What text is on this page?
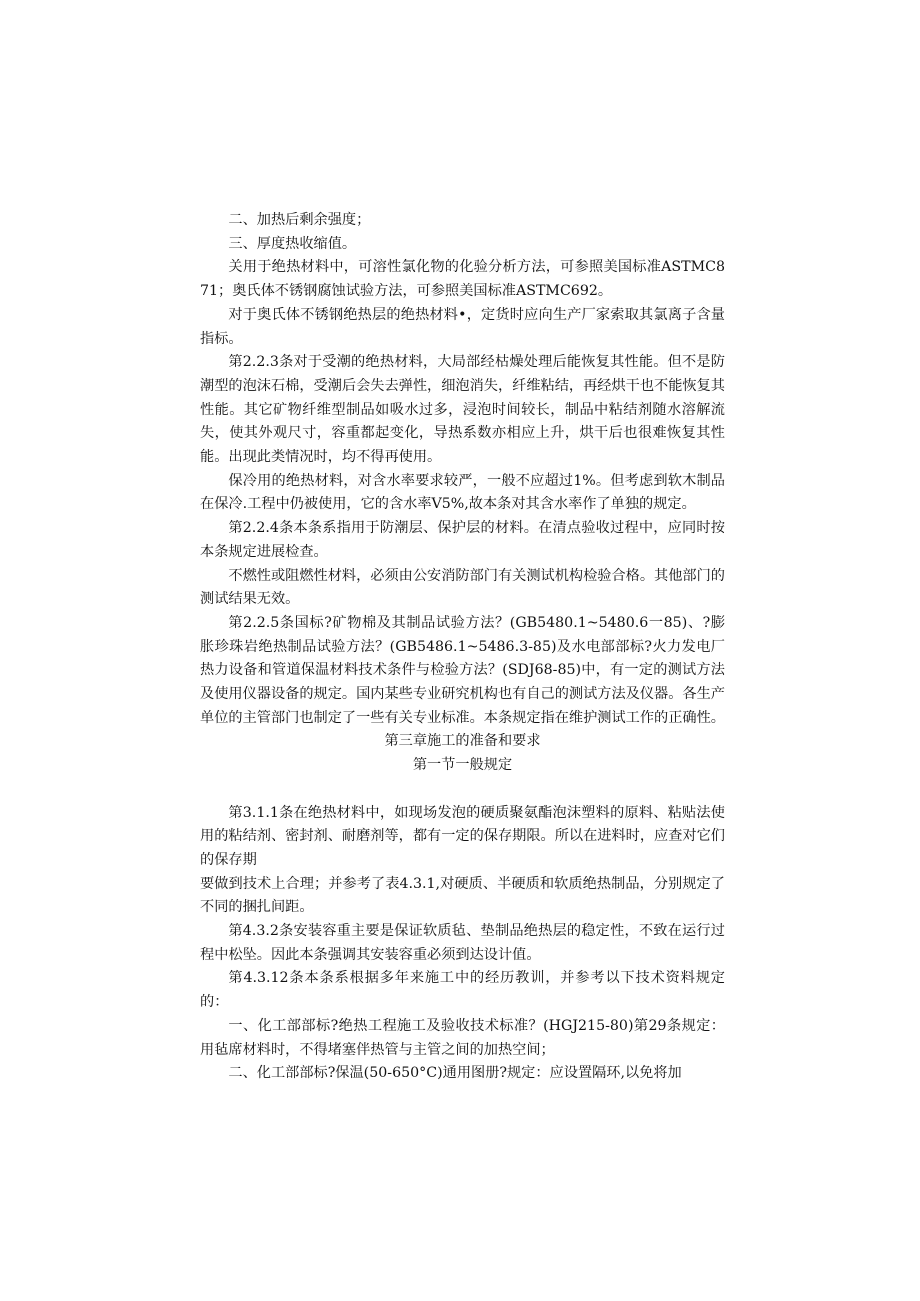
二、加热后剩余强度；

三、厚度热收缩值。

关用于绝热材料中，可溶性氯化物的化验分析方法，可参照美国标准ASTMC871；奥氏体不锈钢腐蚀试验方法，可参照美国标准ASTMC692。

对于奥氏体不锈钢绝热层的绝热材料•，定货时应向生产厂家索取其氯离子含量指标。

第2.2.3条对于受潮的绝热材料，大局部经枯燥处理后能恢复其性能。但不是防潮型的泡沫石棉，受潮后会失去弹性，细泡消失，纤维粘结，再经烘干也不能恢复其性能。其它矿物纤维型制品如吸水过多，浸泡时间较长，制品中粘结剂随水溶解流失，使其外观尺寸，容重都起变化，导热系数亦相应上升，烘干后也很难恢复其性能。出现此类情况时，均不得再使用。

保冷用的绝热材料，对含水率要求较严，一般不应超过1%。但考虑到软木制品在保冷.工程中仍被使用，它的含水率V5%,故本条对其含水率作了单独的规定。

第2.2.4条本条系指用于防潮层、保护层的材料。在清点验收过程中，应同时按本条规定进展检查。

不燃性或阻燃性材料，必须由公安消防部门有关测试机构检验合格。其他部门的测试结果无效。

第2.2.5条国标?矿物棉及其制品试验方法？(GB5480.1~5480.6一85)、?膨胀珍珠岩绝热制品试验方法？(GB5486.1~5486.3-85)及水电部部标?火力发电厂热力设备和管道保温材料技术条件与检验方法？(SDJ68-85)中，有一定的测试方法及使用仪器设备的规定。国内某些专业研究机构也有自己的测试方法及仪器。各生产单位的主管部门也制定了一些有关专业标准。本条规定指在维护测试工作的正确性。

第三章施工的准备和要求
第一节一般规定

第3.1.1条在绝热材料中，如现场发泡的硬质聚氨酯泡沫塑料的原料、粘贴法使用的粘结剂、密封剂、耐磨剂等，都有一定的保存期限。所以在进料时，应查对它们的保存期

要做到技术上合理；并参考了表4.3.1,对硬质、半硬质和软质绝热制品，分别规定了不同的捆扎间距。

第4.3.2条安装容重主要是保证软质毡、垫制品绝热层的稳定性，不致在运行过程中松坠。因此本条强调其安装容重必须到达设计值。

第4.3.12条本条系根据多年来施工中的经历教训，并参考以下技术资料规定的：

一、化工部部标?绝热工程施工及验收技术标准？(HGJ215-80)第29条规定：用毡席材料时，不得堵塞伴热管与主管之间的加热空间；

二、化工部部标?保温(50-650°C)通用图册?规定：应设置隔环,以免将加
